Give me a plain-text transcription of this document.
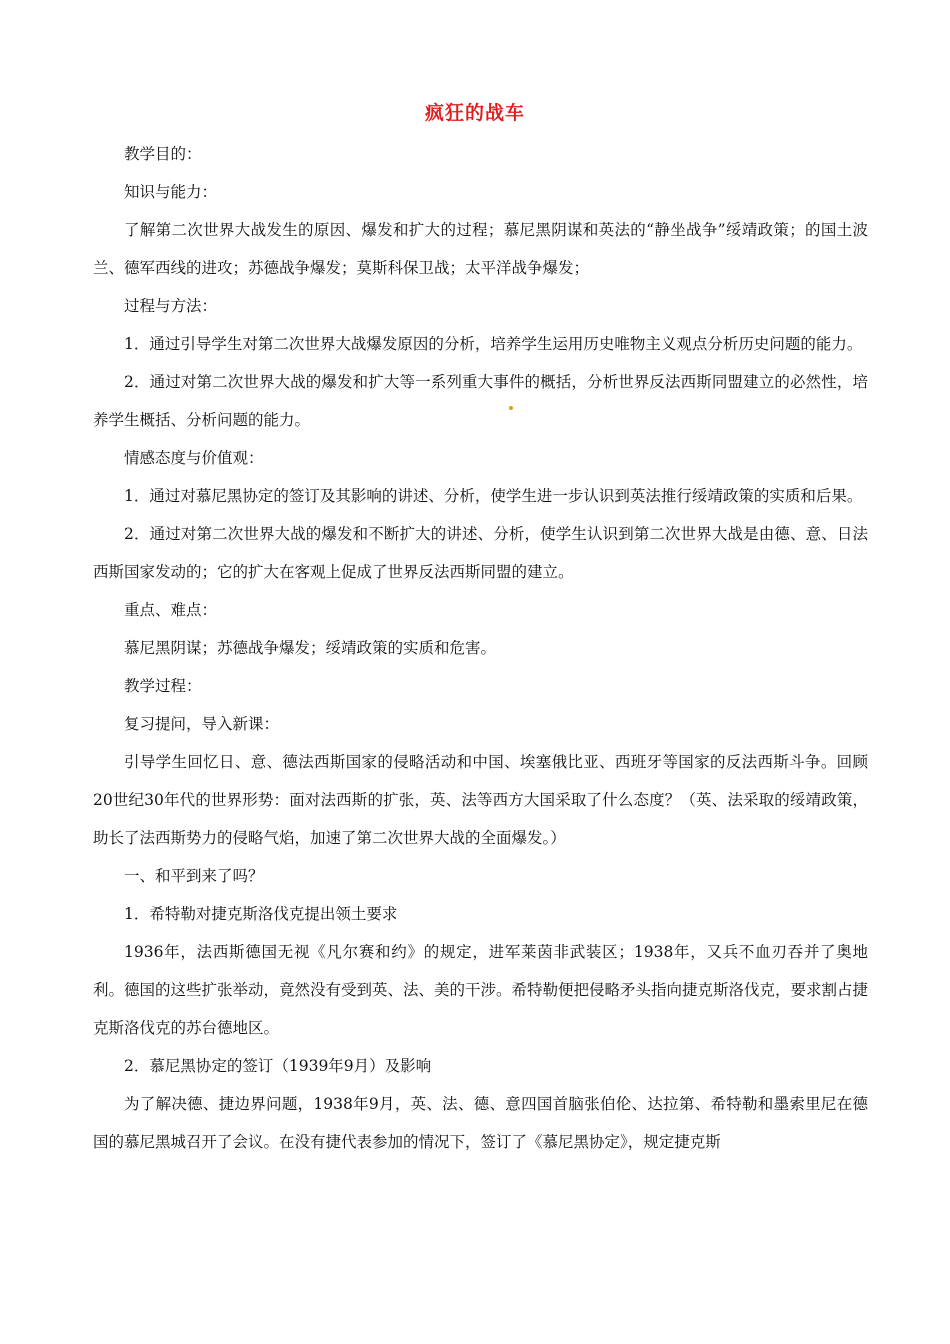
疯狂的战车

教学目的：

知识与能力：

了解第二次世界大战发生的原因、爆发和扩大的过程；慕尼黑阴谋和英法的“静坐战争”绥靖政策；的国土波兰、德军西线的进攻；苏德战争爆发；莫斯科保卫战；太平洋战争爆发；

过程与方法：

1．通过引导学生对第二次世界大战爆发原因的分析，培养学生运用历史唯物主义观点分析历史问题的能力。

2．通过对第二次世界大战的爆发和扩大等一系列重大事件的概括，分析世界反法西斯同盟建立的必然性，培养学生概括、分析问题的能力。

情感态度与价值观：

1．通过对慕尼黑协定的签订及其影响的讲述、分析，使学生进一步认识到英法推行绥靖政策的实质和后果。

2．通过对第二次世界大战的爆发和不断扩大的讲述、分析，使学生认识到第二次世界大战是由德、意、日法西斯国家发动的；它的扩大在客观上促成了世界反法西斯同盟的建立。

重点、难点：

慕尼黑阴谋；苏德战争爆发；绥靖政策的实质和危害。

教学过程：

复习提问，导入新课：

引导学生回忆日、意、德法西斯国家的侵略活动和中国、埃塞俄比亚、西班牙等国家的反法西斯斗争。回顾20世纪30年代的世界形势：面对法西斯的扩张，英、法等西方大国采取了什么态度？（英、法采取的绥靖政策，助长了法西斯势力的侵略气焰，加速了第二次世界大战的全面爆发。）

一、和平到来了吗？

1．希特勒对捷克斯洛伐克提出领土要求

1936年，法西斯德国无视《凡尔赛和约》的规定，进军莱茵非武装区；1938年，又兵不血刃吞并了奥地利。德国的这些扩张举动，竟然没有受到英、法、美的干涉。希特勒便把侵略矛头指向捷克斯洛伐克，要求割占捷克斯洛伐克的苏台德地区。

2．慕尼黑协定的签订（1939年9月）及影响

为了解决德、捷边界问题，1938年9月，英、法、德、意四国首脑张伯伦、达拉第、希特勒和墨索里尼在德国的慕尼黑城召开了会议。在没有捷代表参加的情况下，签订了《慕尼黑协定》，规定捷克斯
